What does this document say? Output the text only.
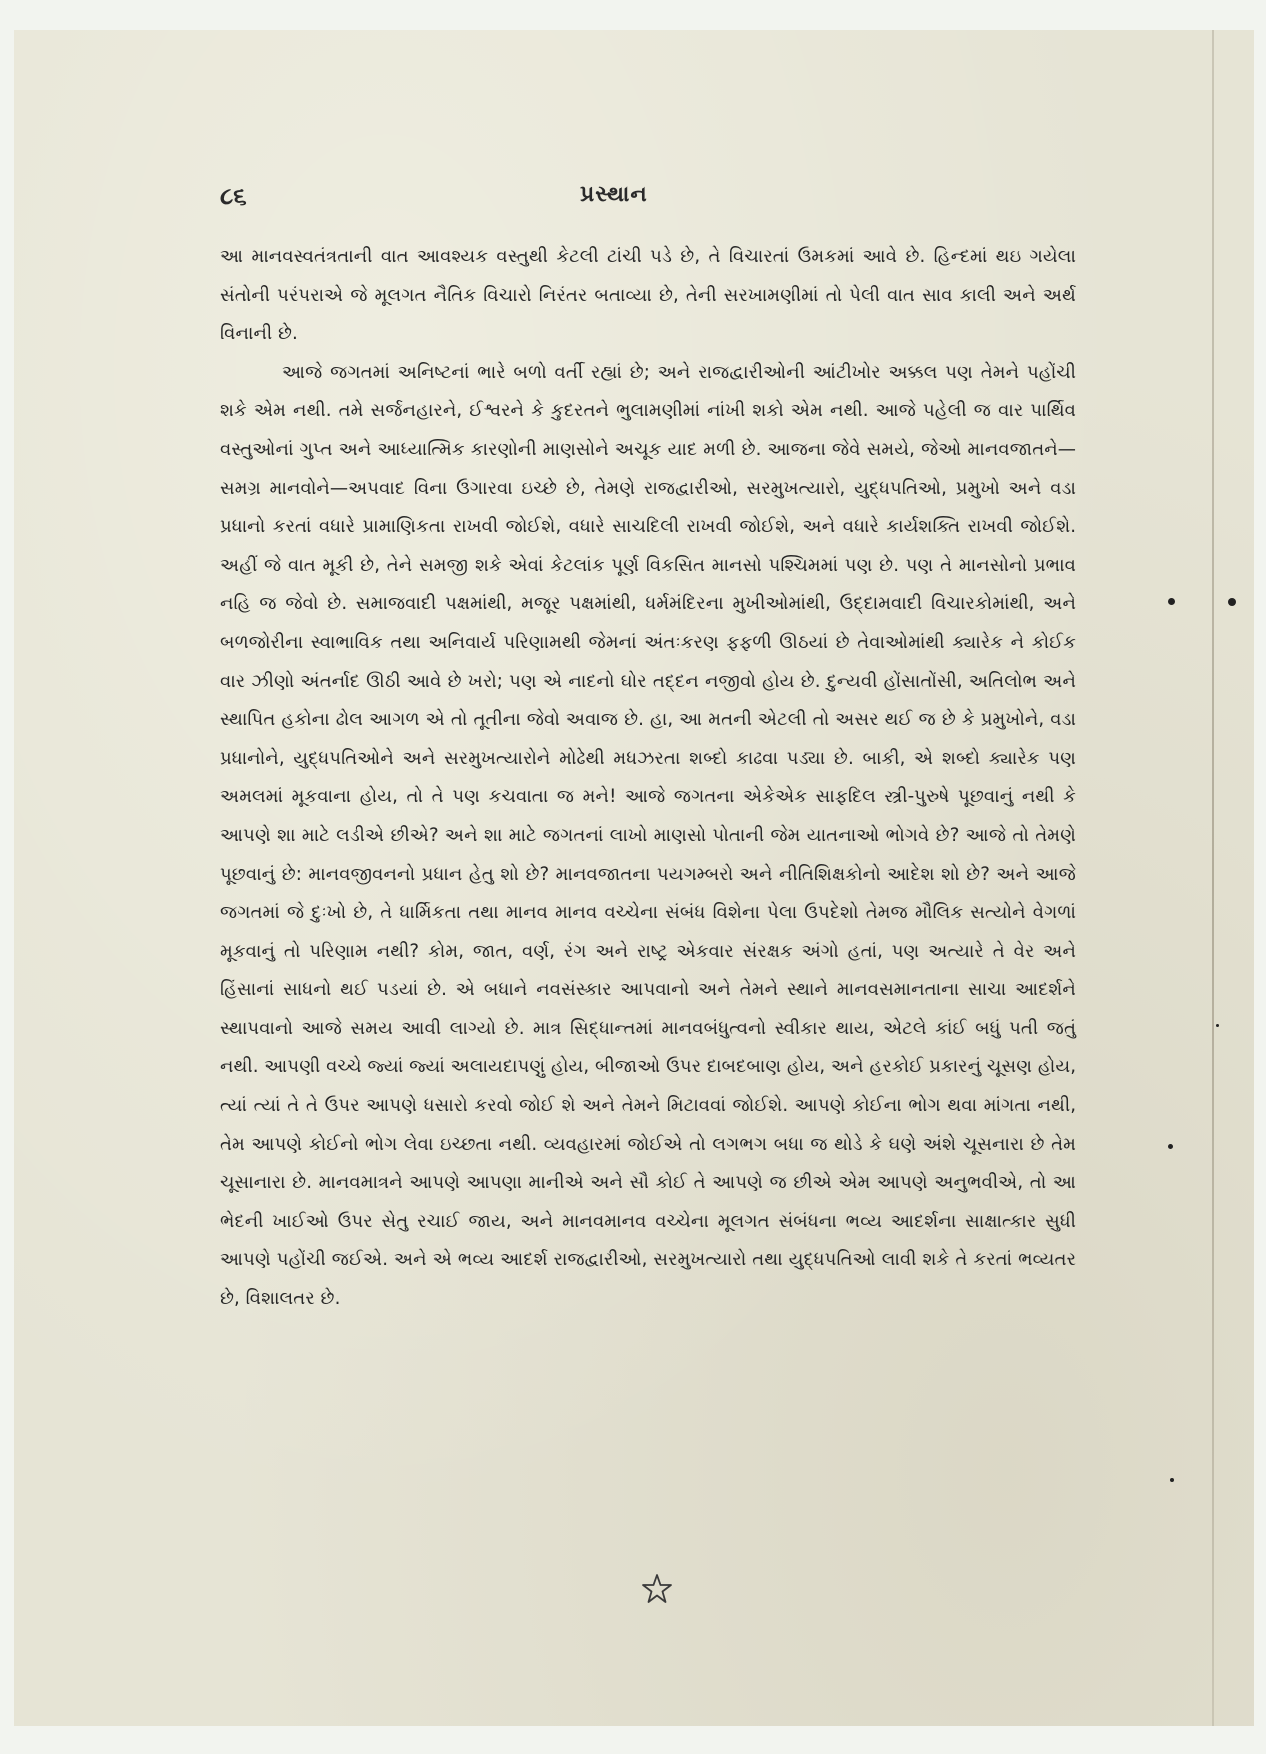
૮૬	પ્રસ્થાન

આ માનવસ્વતંત્રતાની વાત આવશ્યક વસ્તુથી કેટલી ટાંચી પડે છે, તે વિચારતાં ઉમકમાં આવે છે. હિન્દમાં થઇ ગયેલા સંતોની પરંપરાએ જે મૂલગત નૈતિક વિચારો નિરંતર બતાવ્યા છે, તેની સરખામણીમાં તો પેલી વાત સાવ કાલી અને અર્થ વિનાની છે.

આજે જગતમાં અનિષ્ટનાં ભારે બળો વર્તી રહ્યાં છે; અને રાજદ્વારીઓની આંટીખોર અક્કલ પણ તેમને પહોંચી શકે એમ નથી. તમે સર્જનહારને, ઈશ્વરને કે કુદરતને ભુલામણીમાં નાંખી શકો એમ નથી. આજે પહેલી જ વાર પાર્થિવ વસ્તુઓનાં ગુપ્ત અને આધ્યાત્મિક કારણોની માણસોને અચૂક યાદ મળી છે. આજના જેવે સમયે, જેઓ માનવજાતને—સમગ્ર માનવોને—અપવાદ વિના ઉગારવા ઇચ્છે છે, તેમણે રાજદ્વારીઓ, સરમુખત્યારો, યુદ્ધપતિઓ, પ્રમુખો અને વડા પ્રધાનો કરતાં વધારે પ્રામાણિકતા રાખવી જોઈશે, વધારે સાચદિલી રાખવી જોઈશે, અને વધારે કાર્યશક્તિ રાખવી જોઈશે. અહીં જે વાત મૂકી છે, તેને સમજી શકે એવાં કેટલાંક પૂર્ણ વિકસિત માનસો પશ્ચિમમાં પણ છે. પણ તે માનસોનો પ્રભાવ નહિ જ જેવો છે. સમાજવાદી પક્ષમાંથી, મજૂર પક્ષમાંથી, ધર્મમંદિરના મુખીઓમાંથી, ઉદ્દામવાદી વિચારકોમાંથી, અને બળજોરીના સ્વાભાવિક તથા અનિવાર્ય પરિણામથી જેમનાં અંતઃકરણ ફફળી ઊઠયાં છે તેવાઓમાંથી ક્યારેક ને કોઈક વાર ઝીણો અંતર્નાદ ઊઠી આવે છે ખરો; પણ એ નાદનો ઘોર તદ્દન નજીવો હોય છે. દુન્યવી હોંસાતોંસી, અતિલોભ અને સ્થાપિત હકોના ઢોલ આગળ એ તો તૂતીના જેવો અવાજ છે. હા, આ મતની એટલી તો અસર થઈ જ છે કે પ્રમુખોને, વડા પ્રધાનોને, યુદ્ધપતિઓને અને સરમુખત્યારોને મોઢેથી મધઝરતા શબ્દો કાઢવા પડ્યા છે. બાકી, એ શબ્દો ક્યારેક પણ અમલમાં મૂકવાના હોય, તો તે પણ કચવાતા જ મને! આજે જગતના એકેએક સાફદિલ સ્ત્રી-પુરુષે પૂછવાનું નથી કે આપણે શા માટે લડીએ છીએ? અને શા માટે જગતનાં લાખો માણસો પોતાની જેમ યાતનાઓ ભોગવે છે? આજે તો તેમણે પૂછવાનું છે: માનવજીવનનો પ્રધાન હેતુ શો છે? માનવજાતના પયગમ્બરો અને નીતિશિક્ષકોનો આદેશ શો છે? અને આજે જગતમાં જે દુઃખો છે, તે ધાર્મિકતા તથા માનવ માનવ વચ્ચેના સંબંધ વિશેના પેલા ઉપદેશો તેમજ મૌલિક સત્યોને વેગળાં મૂકવાનું તો પરિણામ નથી? કોમ, જાત, વર્ણ, રંગ અને રાષ્ટ્ર એકવાર સંરક્ષક અંગો હતાં, પણ અત્યારે તે વેર અને હિંસાનાં સાધનો થઈ પડયાં છે. એ બધાને નવસંસ્કાર આપવાનો અને તેમને સ્થાને માનવસમાનતાના સાચા આદર્શને સ્થાપવાનો આજે સમય આવી લાગ્યો છે. માત્ર સિદ્ધાન્તમાં માનવબંધુત્વનો સ્વીકાર થાય, એટલે કાંઈ બધું પતી જતું નથી. આપણી વચ્ચે જ્યાં જ્યાં અલાયદાપણું હોય, બીજાઓ ઉપર દાબદબાણ હોય, અને હરકોઈ પ્રકારનું ચૂસણ હોય, ત્યાં ત્યાં તે તે ઉપર આપણે ધસારો કરવો જોઈ શે અને તેમને મિટાવવાં જોઈશે. આપણે કોઈના ભોગ થવા માંગતા નથી, તેમ આપણે કોઈનો ભોગ લેવા ઇચ્છતા નથી. વ્યવહારમાં જોઈએ તો લગભગ બધા જ થોડે કે ઘણે અંશે ચૂસનારા છે તેમ ચૂસાનારા છે. માનવમાત્રને આપણે આપણા માનીએ અને સૌ કોઈ તે આપણે જ છીએ એમ આપણે અનુભવીએ, તો આ ભેદની ખાઈઓ ઉપર સેતુ રચાઈ જાય, અને માનવમાનવ વચ્ચેના મૂલગત સંબંધના ભવ્ય આદર્શના સાક્ષાત્કાર સુધી આપણે પહોંચી જઈએ. અને એ ભવ્ય આદર્શ રાજદ્વારીઓ, સરમુખત્યારો તથા યુદ્ધપતિઓ લાવી શકે તે કરતાં ભવ્યતર છે, વિશાલતર છે.
